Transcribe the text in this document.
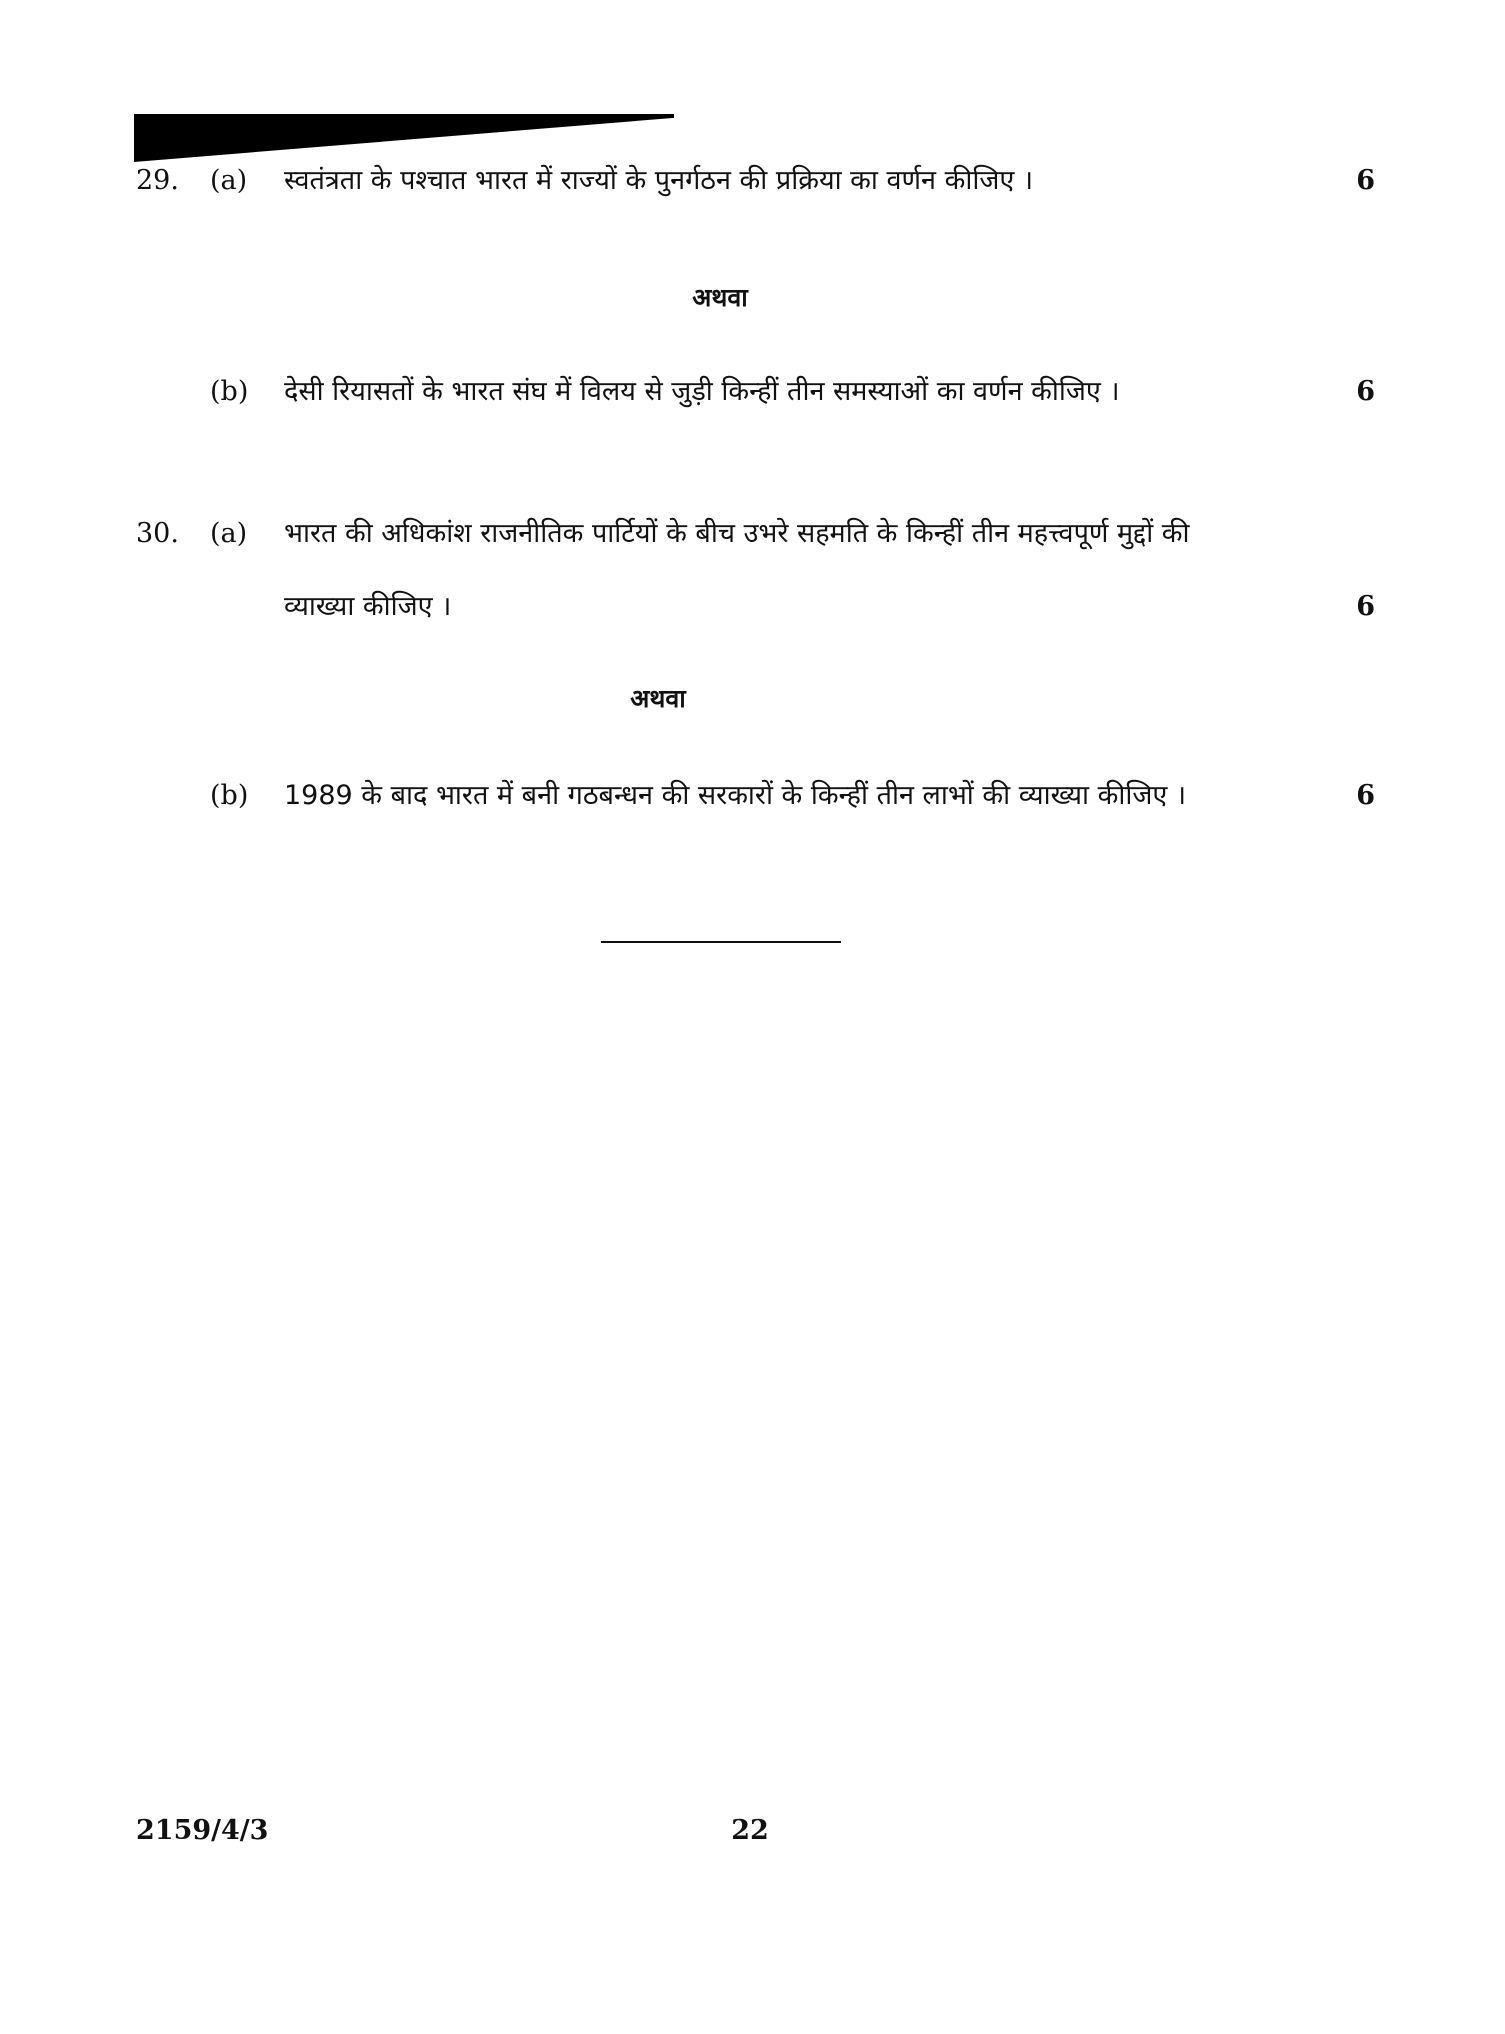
29. (a) स्वतंत्रता के पश्चात भारत में राज्यों के पुनर्गठन की प्रक्रिया का वर्णन कीजिए ।	6
अथवा
(b) देसी रियासतों के भारत संघ में विलय से जुड़ी किन्हीं तीन समस्याओं का वर्णन कीजिए ।	6
30. (a) भारत की अधिकांश राजनीतिक पार्टियों के बीच उभरे सहमति के किन्हीं तीन महत्त्वपूर्ण मुद्दों की
व्याख्या कीजिए ।	6
अथवा
(b) 1989 के बाद भारत में बनी गठबन्धन की सरकारों के किन्हीं तीन लाभों की व्याख्या कीजिए ।	6
2159/4/3	22
